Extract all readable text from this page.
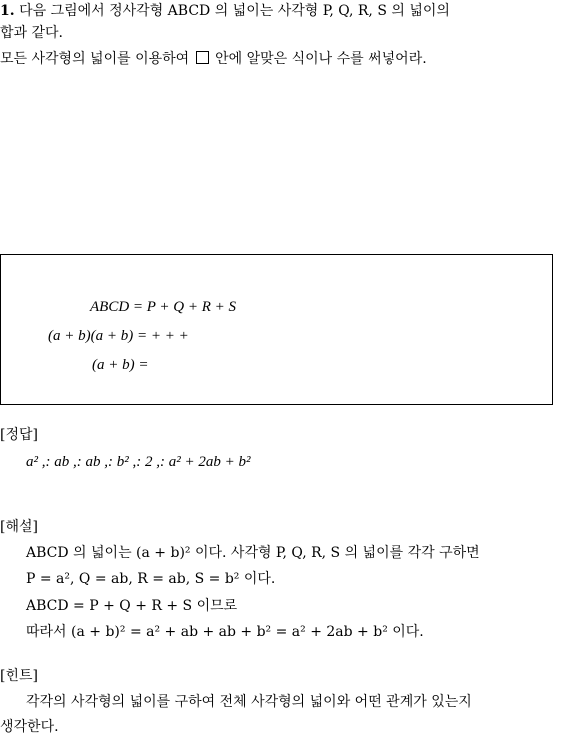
1. 다음 그림에서 정사각형 ABCD 의 넓이는 사각형 P, Q, R, S 의 넓이의
합과 같다.
모든 사각형의 넓이를 이용하여 안에 알맞은 식이나 수를 써넣어라.
ABCD = P + Q + R + S
(a + b)(a + b) = + + +
(a + b) =
[정답]
a² ,: ab ,: ab ,: b² ,: 2 ,: a² + 2ab + b²
[해설]
ABCD 의 넓이는 (a + b)² 이다. 사각형 P, Q, R, S 의 넓이를 각각 구하면
P = a², Q = ab, R = ab, S = b² 이다.
ABCD = P + Q + R + S 이므로
따라서 (a + b)² = a² + ab + ab + b² = a² + 2ab + b² 이다.
[힌트]
각각의 사각형의 넓이를 구하여 전체 사각형의 넓이와 어떤 관계가 있는지
생각한다.
